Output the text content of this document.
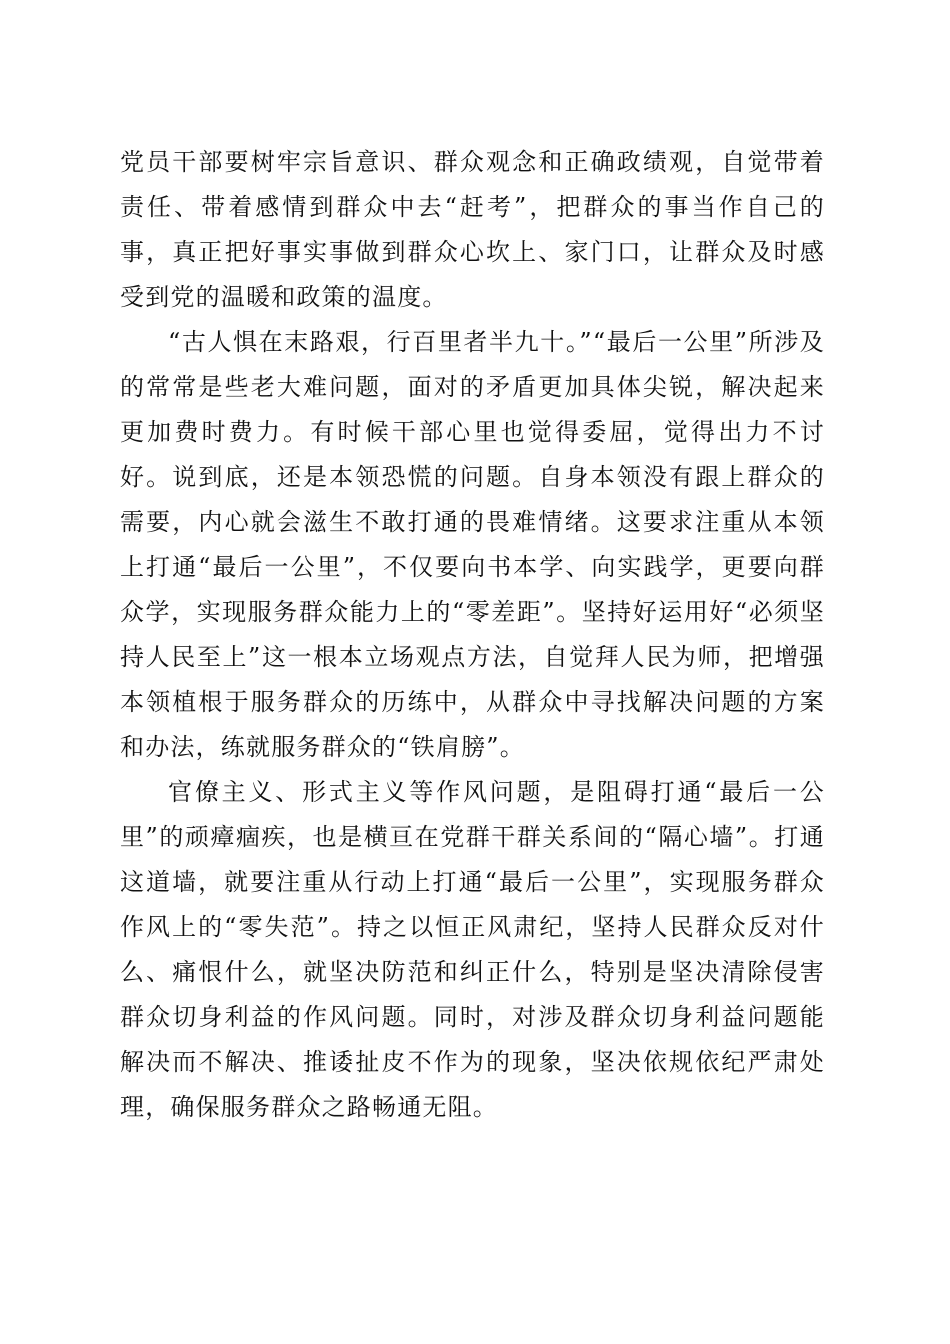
党员干部要树牢宗旨意识、群众观念和正确政绩观，自觉带着责任、带着感情到群众中去“赶考”，把群众的事当作自己的事，真正把好事实事做到群众心坎上、家门口，让群众及时感受到党的温暖和政策的温度。

“古人惧在末路艰，行百里者半九十。”“最后一公里”所涉及的常常是些老大难问题，面对的矛盾更加具体尖锐，解决起来更加费时费力。有时候干部心里也觉得委屈，觉得出力不讨好。说到底，还是本领恐慌的问题。自身本领没有跟上群众的需要，内心就会滋生不敢打通的畏难情绪。这要求注重从本领上打通“最后一公里”，不仅要向书本学、向实践学，更要向群众学，实现服务群众能力上的“零差距”。坚持好运用好“必须坚持人民至上”这一根本立场观点方法，自觉拜人民为师，把增强本领植根于服务群众的历练中，从群众中寻找解决问题的方案和办法，练就服务群众的“铁肩膀”。

官僚主义、形式主义等作风问题，是阻碍打通“最后一公里”的顽瘴痼疾，也是横亘在党群干群关系间的“隔心墙”。打通这道墙，就要注重从行动上打通“最后一公里”，实现服务群众作风上的“零失范”。持之以恒正风肃纪，坚持人民群众反对什么、痛恨什么，就坚决防范和纠正什么，特别是坚决清除侵害群众切身利益的作风问题。同时，对涉及群众切身利益问题能解决而不解决、推诿扯皮不作为的现象，坚决依规依纪严肃处理，确保服务群众之路畅通无阻。
